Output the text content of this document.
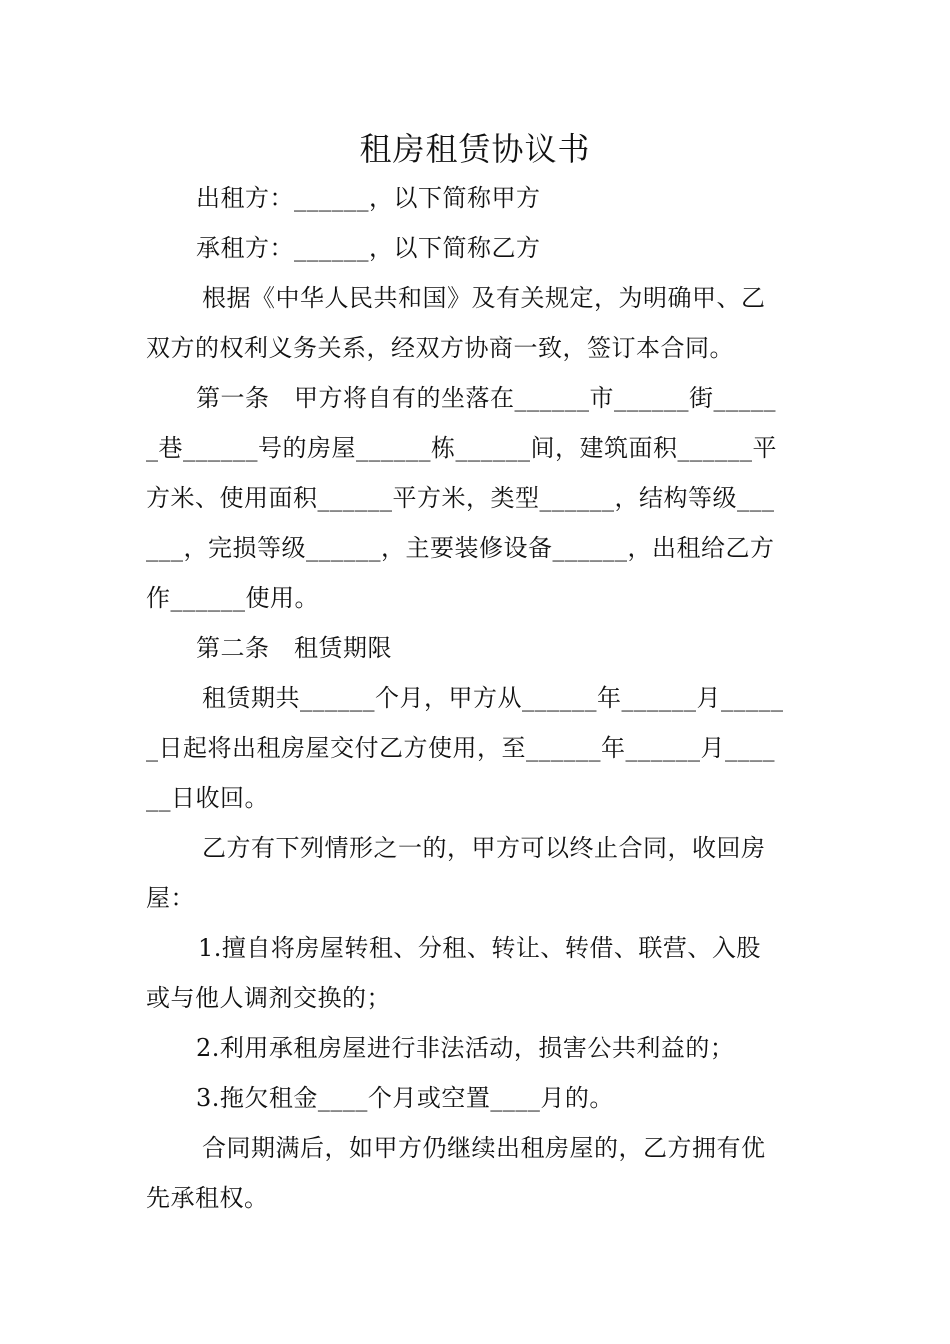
租房租赁协议书
出租方：______，以下简称甲方
承租方：______，以下简称乙方
根据《中华人民共和国》及有关规定，为明确甲、乙
双方的权利义务关系，经双方协商一致，签订本合同。
第一条　甲方将自有的坐落在______市______街_____
_巷______号的房屋______栋______间，建筑面积______平
方米、使用面积______平方米，类型______，结构等级___
___，完损等级______，主要装修设备______，出租给乙方
作______使用。
第二条　租赁期限
租赁期共______个月，甲方从______年______月_____
_日起将出租房屋交付乙方使用，至______年______月____
__日收回。
乙方有下列情形之一的，甲方可以终止合同，收回房
屋：
1.擅自将房屋转租、分租、转让、转借、联营、入股
或与他人调剂交换的；
2.利用承租房屋进行非法活动，损害公共利益的；
3.拖欠租金____个月或空置____月的。
合同期满后，如甲方仍继续出租房屋的，乙方拥有优
先承租权。
